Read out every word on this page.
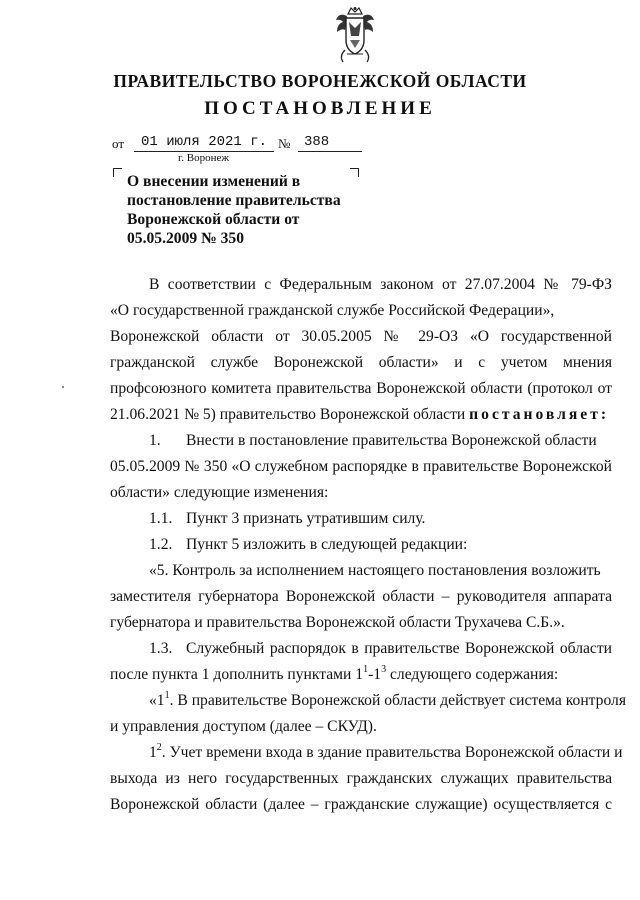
ПРАВИТЕЛЬСТВО ВОРОНЕЖСКОЙ ОБЛАСТИ
ПОСТАНОВЛЕНИЕ
от	01 июля 2021 г. № 388
г. Воронеж
О внесении изменений в
постановление правительства
Воронежской области от
05.05.2009 № 350
В соответствии с Федеральным законом от 27.07.2004 № 79-ФЗ
«О государственной гражданской службе Российской Федерации»,
Воронежской области от 30.05.2005 № 29-ОЗ «О государственной
гражданской службе Воронежской области» и с учетом мнения
профсоюзного комитета правительства Воронежской области (протокол от
21.06.2021 № 5) правительство Воронежской области постановляет:
1. Внести в постановление правительства Воронежской области
05.05.2009 № 350 «О служебном распорядке в правительстве Воронежской
области» следующие изменения:
1.1. Пункт 3 признать утратившим силу.
1.2. Пункт 5 изложить в следующей редакции:
«5. Контроль за исполнением настоящего постановления возложить
заместителя губернатора Воронежской области – руководителя аппарата
губернатора и правительства Воронежской области Трухачева С.Б.».
1.3. Служебный распорядок в правительстве Воронежской области
после пункта 1 дополнить пунктами $1^1-1^3$ следующего содержания:
«$1^1$. В правительстве Воронежской области действует система контроля
и управления доступом (далее – СКУД).
$1^2$. Учет времени входа в здание правительства Воронежской области и
выхода из него государственных гражданских служащих правительства
Воронежской области (далее – гражданские служащие) осуществляется с
